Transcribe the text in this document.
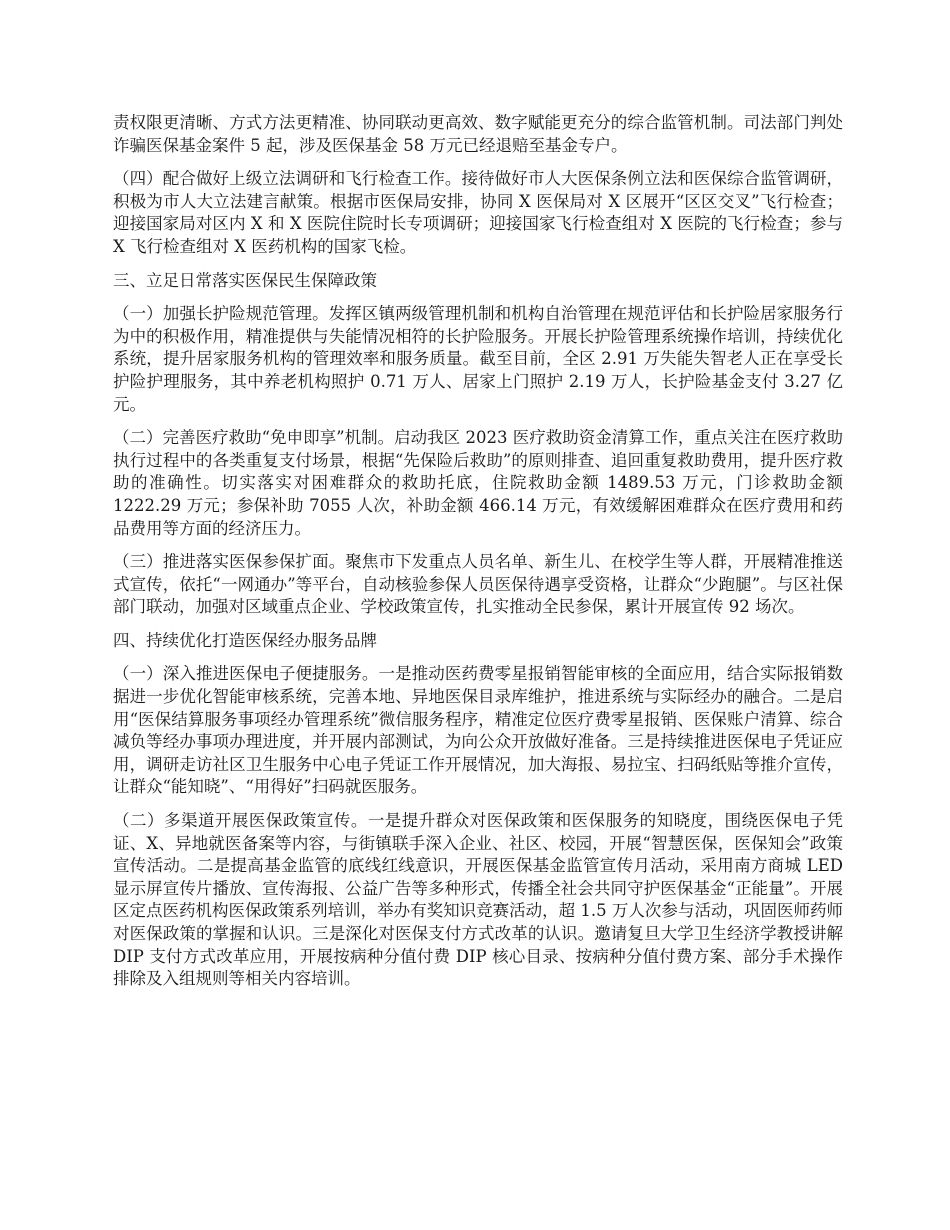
责权限更清晰、方式方法更精准、协同联动更高效、数字赋能更充分的综合监管机制。司法部门判处诈骗医保基金案件 5 起，涉及医保基金 58 万元已经退赔至基金专户。

（四）配合做好上级立法调研和飞行检查工作。接待做好市人大医保条例立法和医保综合监管调研，积极为市人大立法建言献策。根据市医保局安排，协同 X 医保局对 X 区展开“区区交叉”飞行检查；迎接国家局对区内 X 和 X 医院住院时长专项调研；迎接国家飞行检查组对 X 医院的飞行检查；参与 X 飞行检查组对 X 医药机构的国家飞检。

三、立足日常落实医保民生保障政策

（一）加强长护险规范管理。发挥区镇两级管理机制和机构自治管理在规范评估和长护险居家服务行为中的积极作用，精准提供与失能情况相符的长护险服务。开展长护险管理系统操作培训，持续优化系统，提升居家服务机构的管理效率和服务质量。截至目前，全区 2.91 万失能失智老人正在享受长护险护理服务，其中养老机构照护 0.71 万人、居家上门照护 2.19 万人，长护险基金支付 3.27 亿元。

（二）完善医疗救助“免申即享”机制。启动我区 2023 医疗救助资金清算工作，重点关注在医疗救助执行过程中的各类重复支付场景，根据“先保险后救助”的原则排查、追回重复救助费用，提升医疗救助的准确性。切实落实对困难群众的救助托底，住院救助金额 1489.53 万元，门诊救助金额 1222.29 万元；参保补助 7055 人次，补助金额 466.14 万元，有效缓解困难群众在医疗费用和药品费用等方面的经济压力。

（三）推进落实医保参保扩面。聚焦市下发重点人员名单、新生儿、在校学生等人群，开展精准推送式宣传，依托“一网通办”等平台，自动核验参保人员医保待遇享受资格，让群众“少跑腿”。与区社保部门联动，加强对区域重点企业、学校政策宣传，扎实推动全民参保，累计开展宣传 92 场次。

四、持续优化打造医保经办服务品牌

（一）深入推进医保电子便捷服务。一是推动医药费零星报销智能审核的全面应用，结合实际报销数据进一步优化智能审核系统，完善本地、异地医保目录库维护，推进系统与实际经办的融合。二是启用“医保结算服务事项经办管理系统”微信服务程序，精准定位医疗费零星报销、医保账户清算、综合减负等经办事项办理进度，并开展内部测试，为向公众开放做好准备。三是持续推进医保电子凭证应用，调研走访社区卫生服务中心电子凭证工作开展情况，加大海报、易拉宝、扫码纸贴等推介宣传，让群众“能知晓”、“用得好”扫码就医服务。

（二）多渠道开展医保政策宣传。一是提升群众对医保政策和医保服务的知晓度，围绕医保电子凭证、X、异地就医备案等内容，与街镇联手深入企业、社区、校园，开展“智慧医保，医保知会”政策宣传活动。二是提高基金监管的底线红线意识，开展医保基金监管宣传月活动，采用南方商城 LED 显示屏宣传片播放、宣传海报、公益广告等多种形式，传播全社会共同守护医保基金“正能量”。开展区定点医药机构医保政策系列培训，举办有奖知识竞赛活动，超 1.5 万人次参与活动，巩固医师药师对医保政策的掌握和认识。三是深化对医保支付方式改革的认识。邀请复旦大学卫生经济学教授讲解 DIP 支付方式改革应用，开展按病种分值付费 DIP 核心目录、按病种分值付费方案、部分手术操作排除及入组规则等相关内容培训。
